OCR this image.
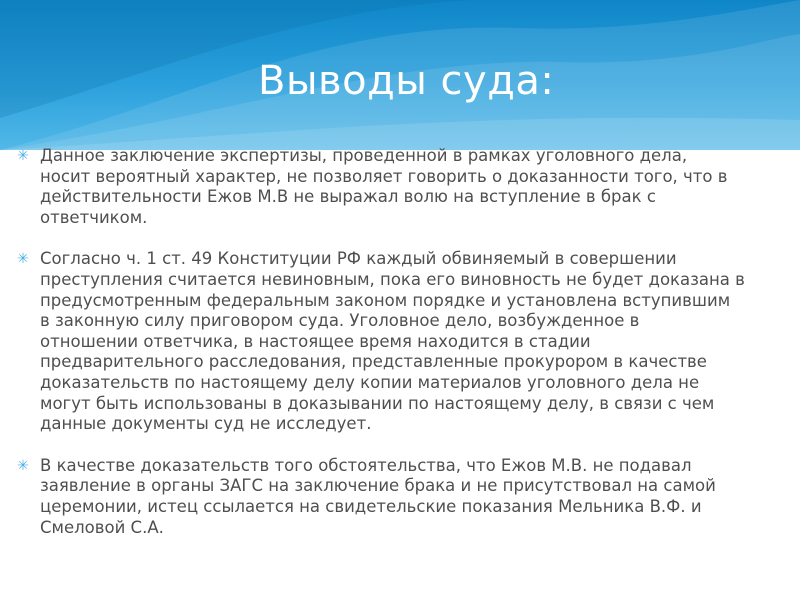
Выводы суда:
✳ Данное заключение экспертизы, проведенной в рамках уголовного дела,
носит вероятный характер, не позволяет говорить о доказанности того, что в
действительности Ежов М.В не выражал волю на вступление в брак с
ответчиком.

✳ Согласно ч. 1 ст. 49 Конституции РФ каждый обвиняемый в совершении
преступления считается невиновным, пока его виновность не будет доказана в
предусмотренным федеральным законом порядке и установлена вступившим
в законную силу приговором суда. Уголовное дело, возбужденное в
отношении ответчика, в настоящее время находится в стадии
предварительного расследования, представленные прокурором в качестве
доказательств по настоящему делу копии материалов уголовного дела не
могут быть использованы в доказывании по настоящему делу, в связи с чем
данные документы суд не исследует.

✳ В качестве доказательств того обстоятельства, что Ежов М.В. не подавал
заявление в органы ЗАГС на заключение брака и не присутствовал на самой
церемонии, истец ссылается на свидетельские показания Мельника В.Ф. и
Смеловой С.А.
